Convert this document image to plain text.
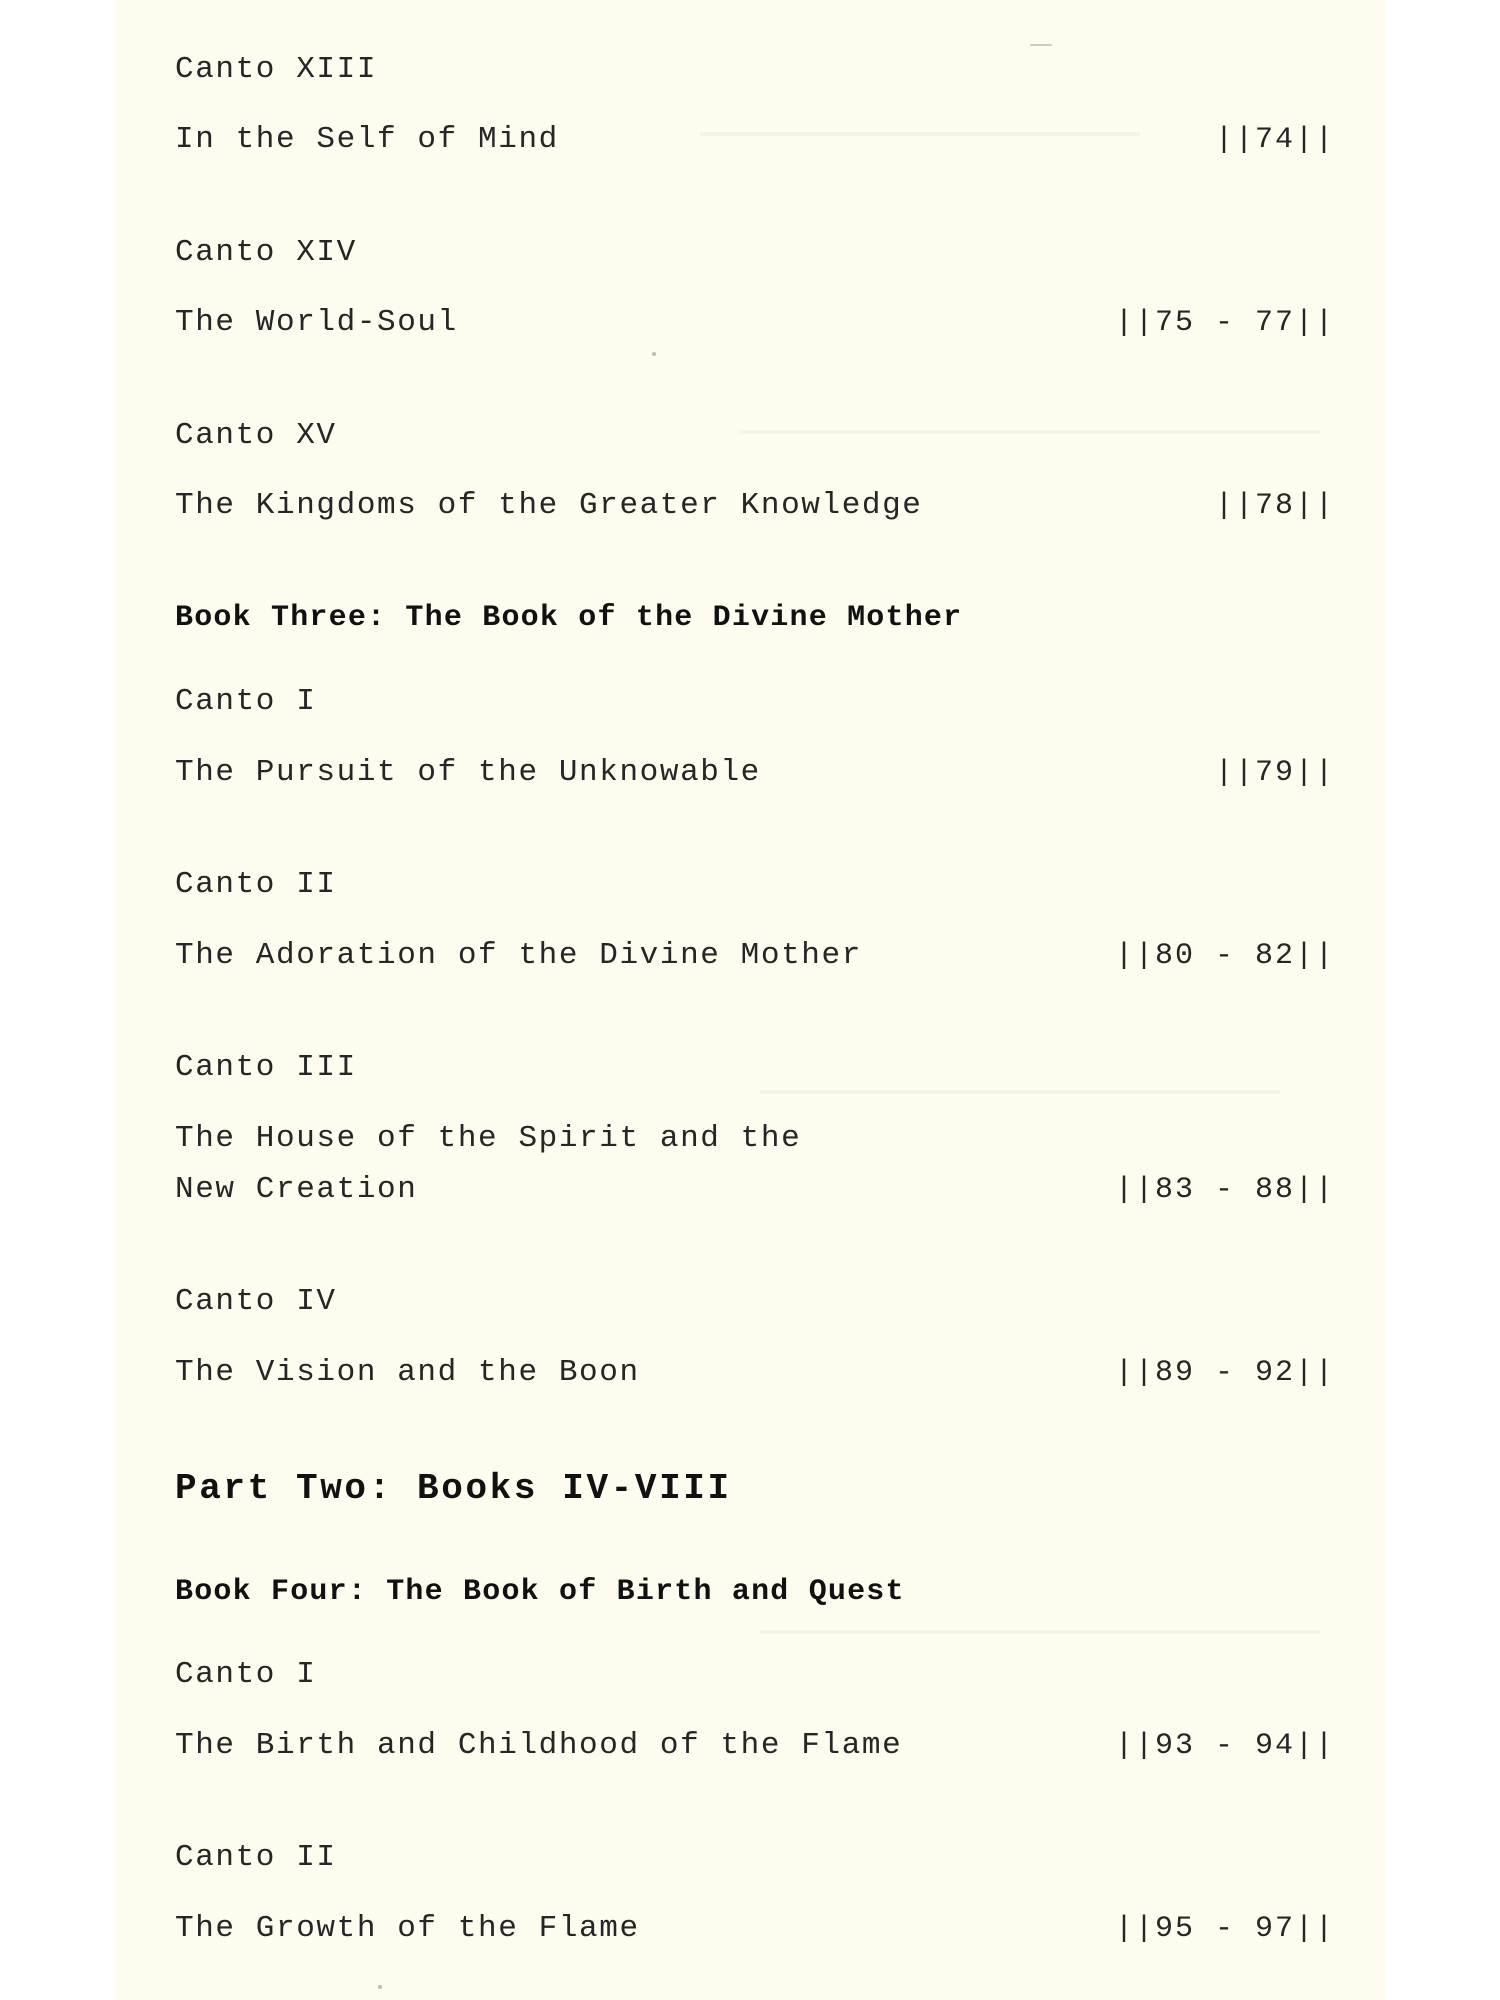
Canto XIII
In the Self of Mind	||74||
Canto XIV
The World-Soul	||75 - 77||
Canto XV
The Kingdoms of the Greater Knowledge	||78||
Book Three: The Book of the Divine Mother
Canto I
The Pursuit of the Unknowable	||79||
Canto II
The Adoration of the Divine Mother	||80 - 82||
Canto III
The House of the Spirit and the
New Creation	||83 - 88||
Canto IV
The Vision and the Boon	||89 - 92||
Part Two: Books IV-VIII
Book Four: The Book of Birth and Quest
Canto I
The Birth and Childhood of the Flame	||93 - 94||
Canto II
The Growth of the Flame	||95 - 97||
